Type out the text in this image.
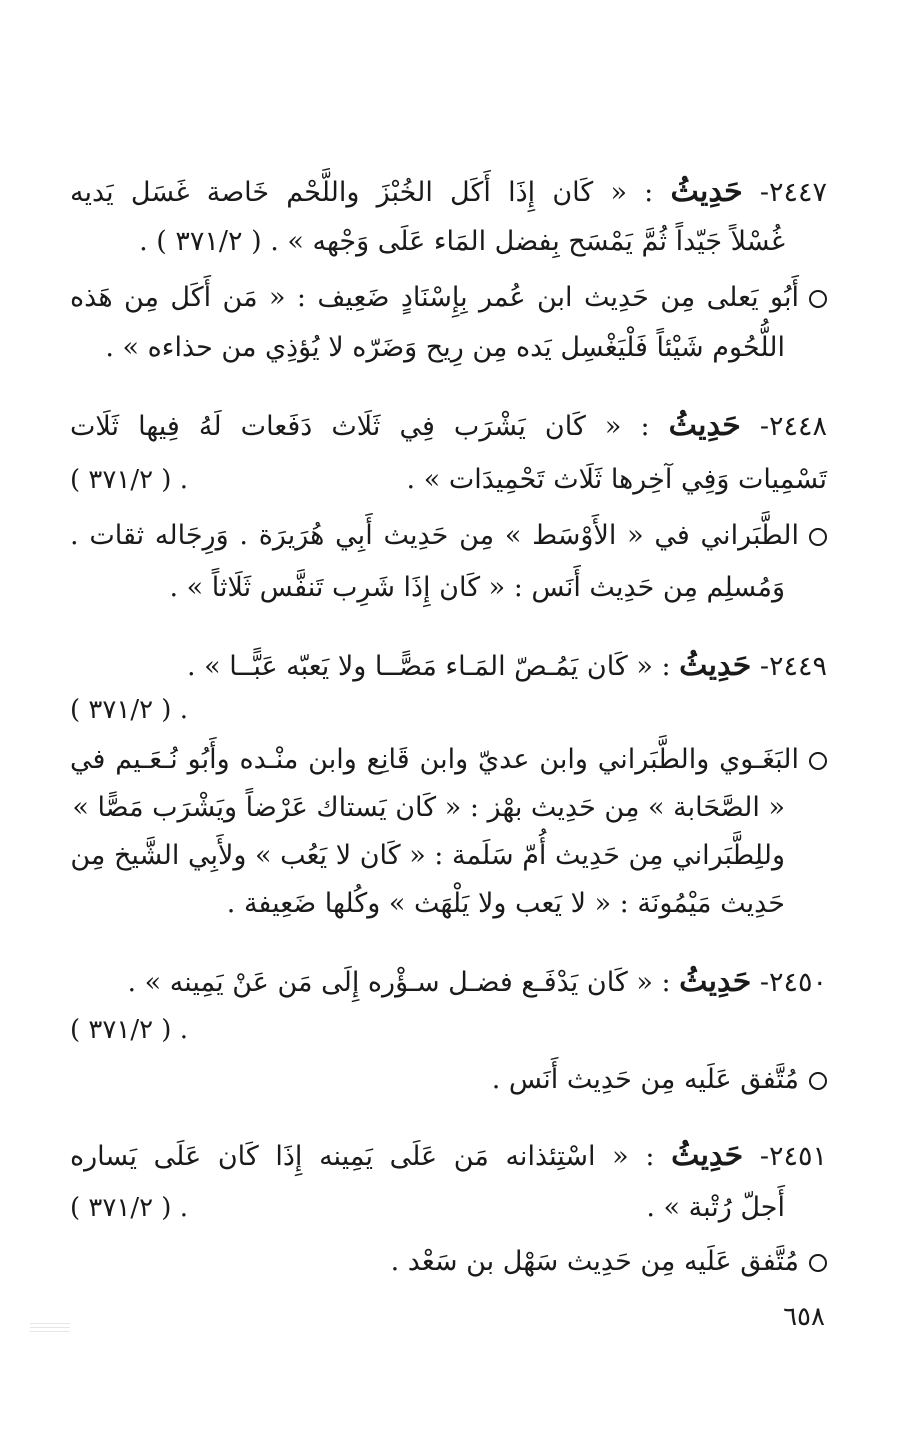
٢٤٤٧- حَدِيثُ : « كَان إِذَا أَكَل الخُبْزَ واللَّحْم خَاصة غَسَل يَديه
غُسْلاً جَيّداً ثُمَّ يَمْسَح بِفضل المَاء عَلَى وَجْهه » . ( ٣٧١/٢ ) .
أَبُو يَعلى مِن حَدِيث ابن عُمر بِإِسْنَادٍ ضَعِيف : « مَن أَكَل مِن هَذه
اللُّحُوم شَيْئاً فَلْيَغْسِل يَده مِن رِيح وَضَرّه لا يُؤذِي من حذاءه » .
٢٤٤٨- حَدِيثُ : « كَان يَشْرَب فِي ثَلَاث دَفَعات لَهُ فِيها ثَلَات
تَسْمِيات وَفِي آخِرها ثَلَاث تَحْمِيدَات » .
( ٣٧١/٢ ) .
الطَّبَراني في « الأَوْسَط » مِن حَدِيث أَبِي هُرَيرَة . وَرِجَاله ثقات .
وَمُسلِم مِن حَدِيث أَنَس : « كَان إِذَا شَرِب تَنفَّس ثَلَاثاً » .
٢٤٤٩- حَدِيثُ : « كَان يَمُـصّ المَـاء مَصًّــا ولا يَعبّه عَبًّــا » .
( ٣٧١/٢ ) .
البَغَـوي والطَّبَراني وابن عديّ وابن قَانِع وابن منْـده وأَبُو نُـعَـيم في
« الصَّحَابة » مِن حَدِيث بهْز : « كَان يَستاك عَرْضاً ويَشْرَب مَصًّا »
وللِطَّبَراني مِن حَدِيث أُمّ سَلَمة : « كَان لا يَعُب » ولأَبِي الشَّيخ مِن
حَدِيث مَيْمُونَة : « لا يَعب ولا يَلْهَث » وكُلها ضَعِيفة .
٢٤٥٠- حَدِيثُ : « كَان يَدْفَـع فضـل سـؤْره إِلَى مَن عَنْ يَمِينه » .
( ٣٧١/٢ ) .
مُتَّفق عَلَيه مِن حَدِيث أَنَس .
٢٤٥١- حَدِيثُ : « اسْتِئذانه مَن عَلَى يَمِينه إِذَا كَان عَلَى يَساره
أَجلّ رُتْبة » .
( ٣٧١/٢ ) .
مُتَّفق عَلَيه مِن حَدِيث سَهْل بن سَعْد .
٦٥٨
